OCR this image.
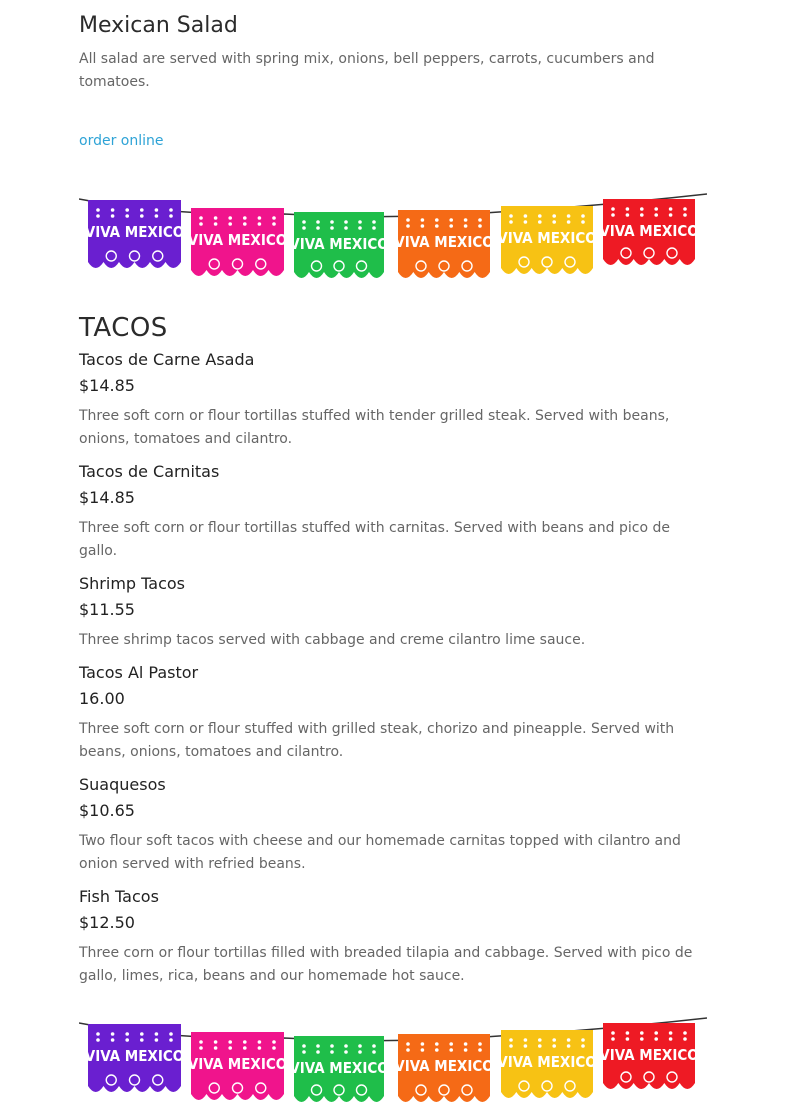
Mexican Salad

All salad are served with spring mix, onions, bell peppers, carrots, cucumbers and tomatoes.

order online
VIVA MEXICO VIVA MEXICO VIVA MEXICO VIVA MEXICO VIVA MEXICO VIVA MEXICO
TACOS
Tacos de Carne Asada

$14.85

Three soft corn or flour tortillas stuffed with tender grilled steak. Served with beans, onions, tomatoes and cilantro.

Tacos de Carnitas

$14.85

Three soft corn or flour tortillas stuffed with carnitas. Served with beans and pico de gallo.

Shrimp Tacos

$11.55

Three shrimp tacos served with cabbage and creme cilantro lime sauce.

Tacos Al Pastor

16.00

Three soft corn or flour stuffed with grilled steak, chorizo and pineapple. Served with beans, onions, tomatoes and cilantro.

Suaquesos

$10.65

Two flour soft tacos with cheese and our homemade carnitas topped with cilantro and onion served with refried beans.

Fish Tacos

$12.50

Three corn or flour tortillas filled with breaded tilapia and cabbage. Served with pico de gallo, limes, rica, beans and our homemade hot sauce.

VIVA MEXICO VIVA MEXICO VIVA MEXICO VIVA MEXICO VIVA MEXICO VIVA MEXICO
